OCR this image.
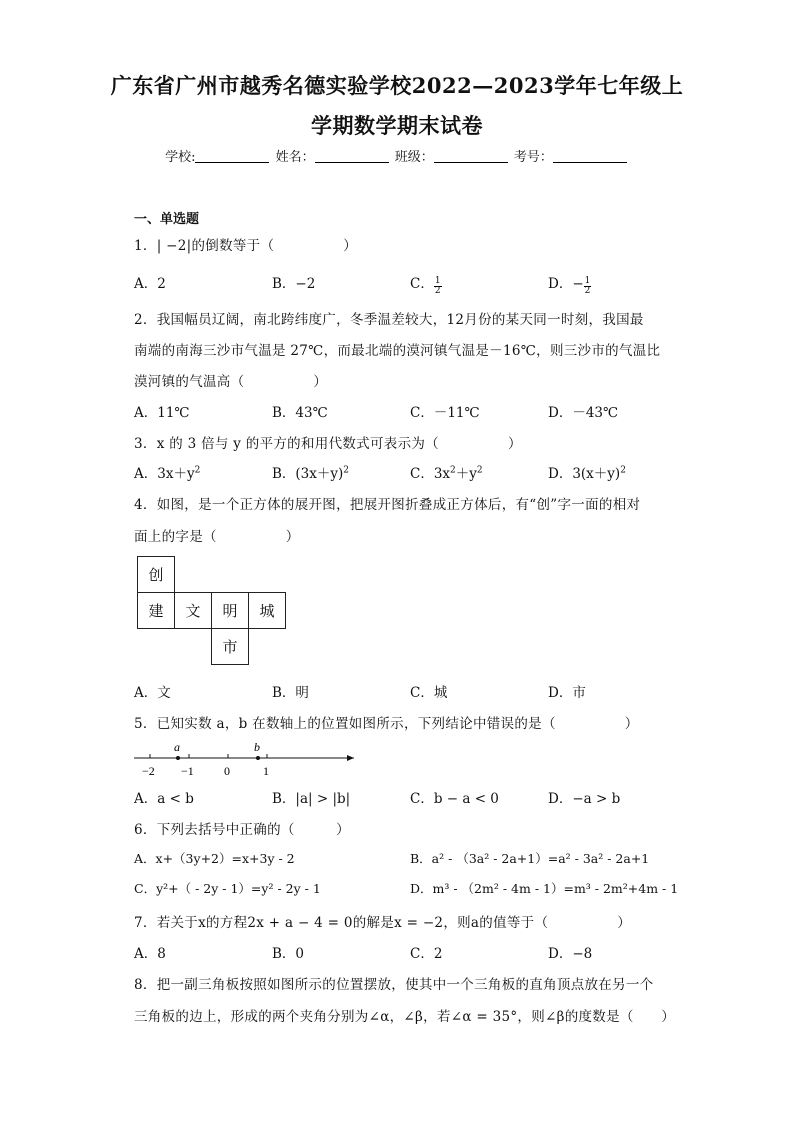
广东省广州市越秀名德实验学校2022—2023学年七年级上
学期数学期末试卷
学校:	姓名：	班级：	考号：
一、单选题
1．| −2|的倒数等于（　　　　　）
A．2	B．−2	C． $\frac{1}{2}$	D．− $\frac{1}{2}$
2．我国幅员辽阔，南北跨纬度广，冬季温差较大，12月份的某天同一时刻，我国最
南端的南海三沙市气温是 27℃，而最北端的漠河镇气温是－16℃，则三沙市的气温比
漠河镇的气温高（　　　　　）
A．11℃	B．43℃	C．－11℃	D．－43℃
3．x 的 3 倍与 y 的平方的和用代数式可表示为（　　　　　）
A．$3x+y^2$	B．$(3x+y)^2$	C．$3x^2+y^2$	D．$3(x+y)^2$
4．如图，是一个正方体的展开图，把展开图折叠成正方体后，有“创”字一面的相对
面上的字是（　　　　　）
创
建	文	明	城
市
A．文	B．明	C．城	D．市
5．已知实数 a，b 在数轴上的位置如图所示，下列结论中错误的是（　　　　　）
a	b
−2 −1	0	1
A．a < b	B．|a| > |b|	C．b − a < 0	D．−a > b
6．下列去括号中正确的（　　　）
A．x+（3y+2）=x+3y - 2	B．a² - （3a² - 2a+1）=a² - 3a² - 2a+1
C．y²+（ - 2y - 1）=y² - 2y - 1	D．m³ - （2m² - 4m - 1）=m³ - 2m²+4m - 1
7．若关于x的方程2x + a − 4 = 0的解是x = −2，则a的值等于（　　　　　）
A．8	B．0	C．2	D．−8
8．把一副三角板按照如图所示的位置摆放，使其中一个三角板的直角顶点放在另一个
三角板的边上，形成的两个夹角分别为∠α，∠β，若∠α = 35°，则∠β的度数是（　　）
